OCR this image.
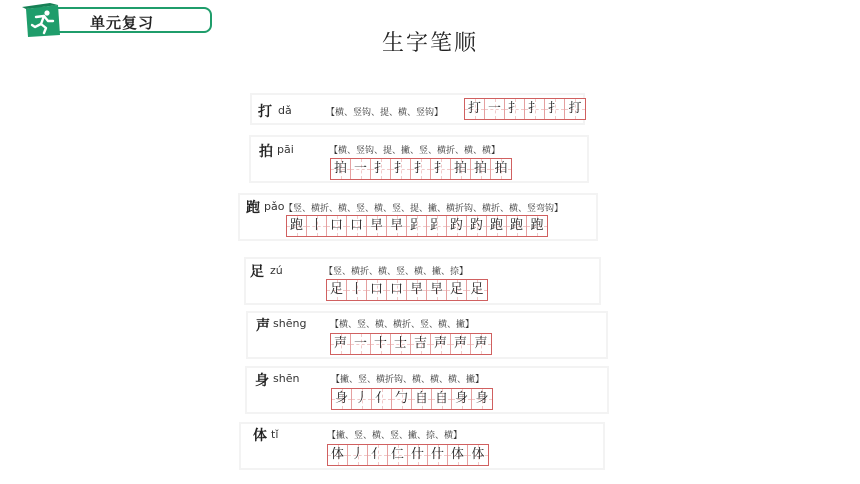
单元复习
生字笔顺
打 dǎ	【横、竖钩、提、横、竖钩】 打 一 扌 扌 扌 打
拍 pāi	【横、竖钩、提、撇、竖、横折、横、横】
拍 一 扌 扌 扌 扌 拍 拍 拍
跑 pǎo 【竖、横折、横、竖、横、竖、提、撇、横折钩、横折、横、竖弯钩】
跑 丨 口 口 早 早 𧾷 𧾷 趵 趵 跑 跑 跑
足 zú	【竖、横折、横、竖、横、撇、捺】
足 丨 口 口 早 早 足 足
声 shēng	【横、竖、横、横折、竖、横、撇】
声 一 十 士 吉 声 声 声
身 shēn	【撇、竖、横折钩、横、横、横、撇】
身 丿 亻 勹 自 自 身 身
体 tǐ	【撇、竖、横、竖、撇、捺、横】
体 丿 亻 仁 什 什 体 体
